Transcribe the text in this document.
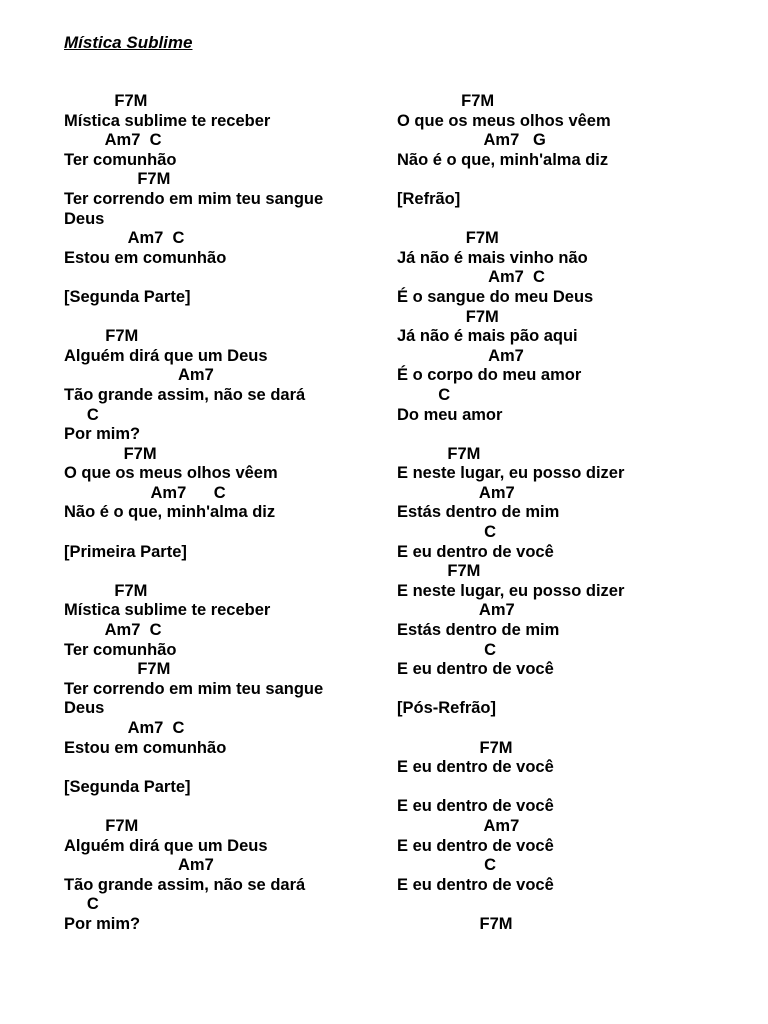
Mística Sublime
F7M
Mística sublime te receber
Am7  C
Ter comunhão
F7M
Ter correndo em mim teu sangue
Deus
Am7  C
Estou em comunhão
[Segunda Parte]
F7M
Alguém dirá que um Deus
Am7
Tão grande assim, não se dará
C
Por mim?
F7M
O que os meus olhos vêem
Am7      C
Não é o que, minh'alma diz
[Primeira Parte]
F7M
Mística sublime te receber
Am7  C
Ter comunhão
F7M
Ter correndo em mim teu sangue
Deus
Am7  C
Estou em comunhão
[Segunda Parte]
F7M
Alguém dirá que um Deus
Am7
Tão grande assim, não se dará
C
Por mim?
F7M
O que os meus olhos vêem
Am7   G
Não é o que, minh'alma diz
[Refrão]
F7M
Já não é mais vinho não
Am7  C
É o sangue do meu Deus
F7M
Já não é mais pão aqui
Am7
É o corpo do meu amor
C
Do meu amor
F7M
E neste lugar, eu posso dizer
Am7
Estás dentro de mim
C
E eu dentro de você
F7M
E neste lugar, eu posso dizer
Am7
Estás dentro de mim
C
E eu dentro de você
[Pós-Refrão]
F7M
E eu dentro de você
E eu dentro de você
Am7
E eu dentro de você
C
E eu dentro de você
F7M
